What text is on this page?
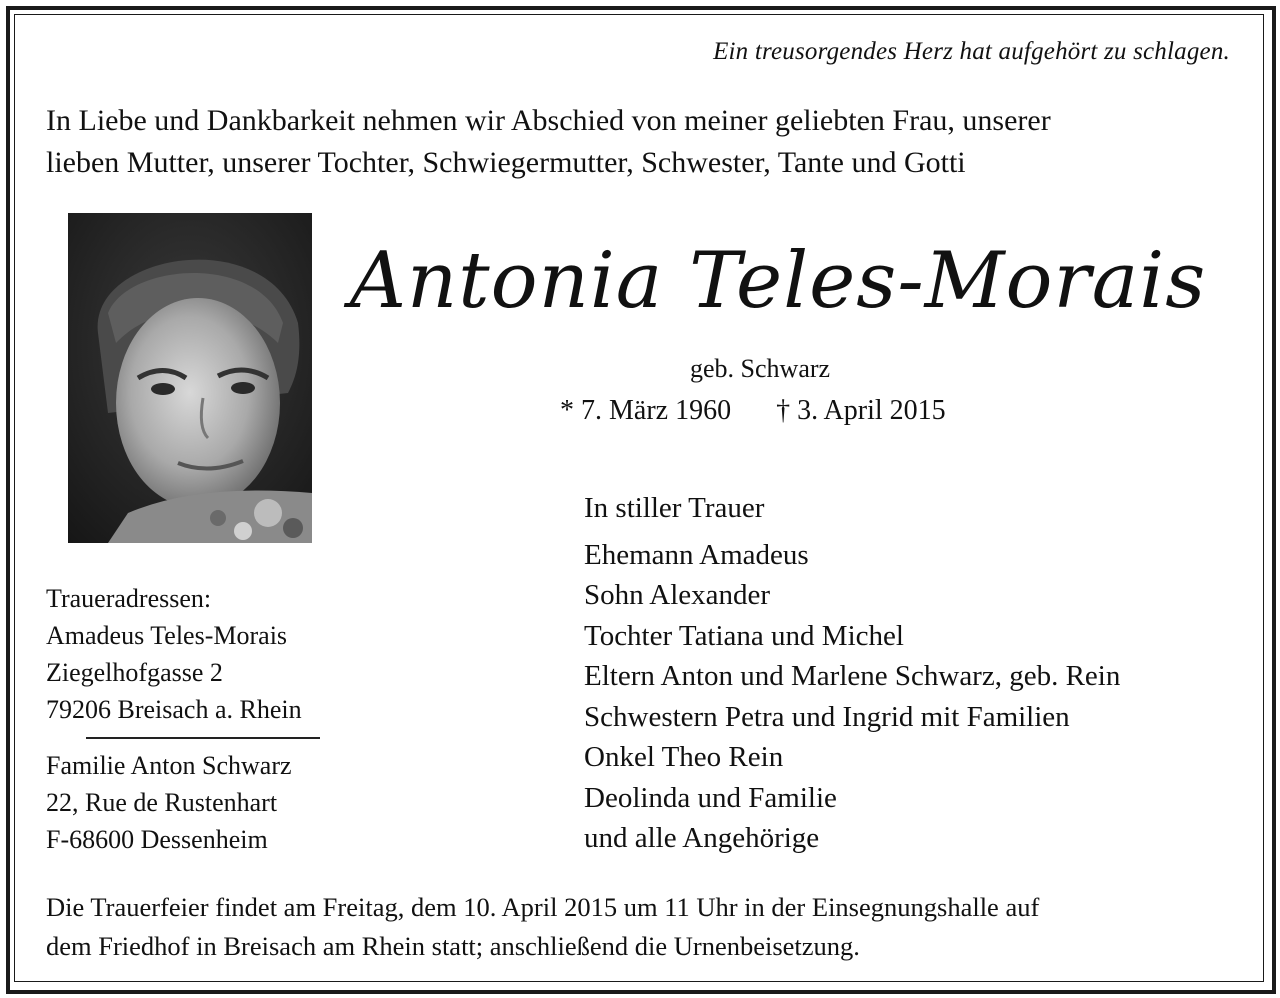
Ein treusorgendes Herz hat aufgehört zu schlagen.
In Liebe und Dankbarkeit nehmen wir Abschied von meiner geliebten Frau, unserer
lieben Mutter, unserer Tochter, Schwiegermutter, Schwester, Tante und Gotti
Antonia Teles-Morais
geb. Schwarz
* 7. März 1960 † 3. April 2015
In stiller Trauer
Ehemann Amadeus
Sohn Alexander
Tochter Tatiana und Michel
Eltern Anton und Marlene Schwarz, geb. Rein
Schwestern Petra und Ingrid mit Familien
Onkel Theo Rein
Deolinda und Familie
und alle Angehörige
Traueradressen:
Amadeus Teles-Morais
Ziegelhofgasse 2
79206 Breisach a. Rhein
Familie Anton Schwarz
22, Rue de Rustenhart
F-68600 Dessenheim
Die Trauerfeier findet am Freitag, dem 10. April 2015 um 11 Uhr in der Einsegnungshalle auf
dem Friedhof in Breisach am Rhein statt; anschließend die Urnenbeisetzung.
